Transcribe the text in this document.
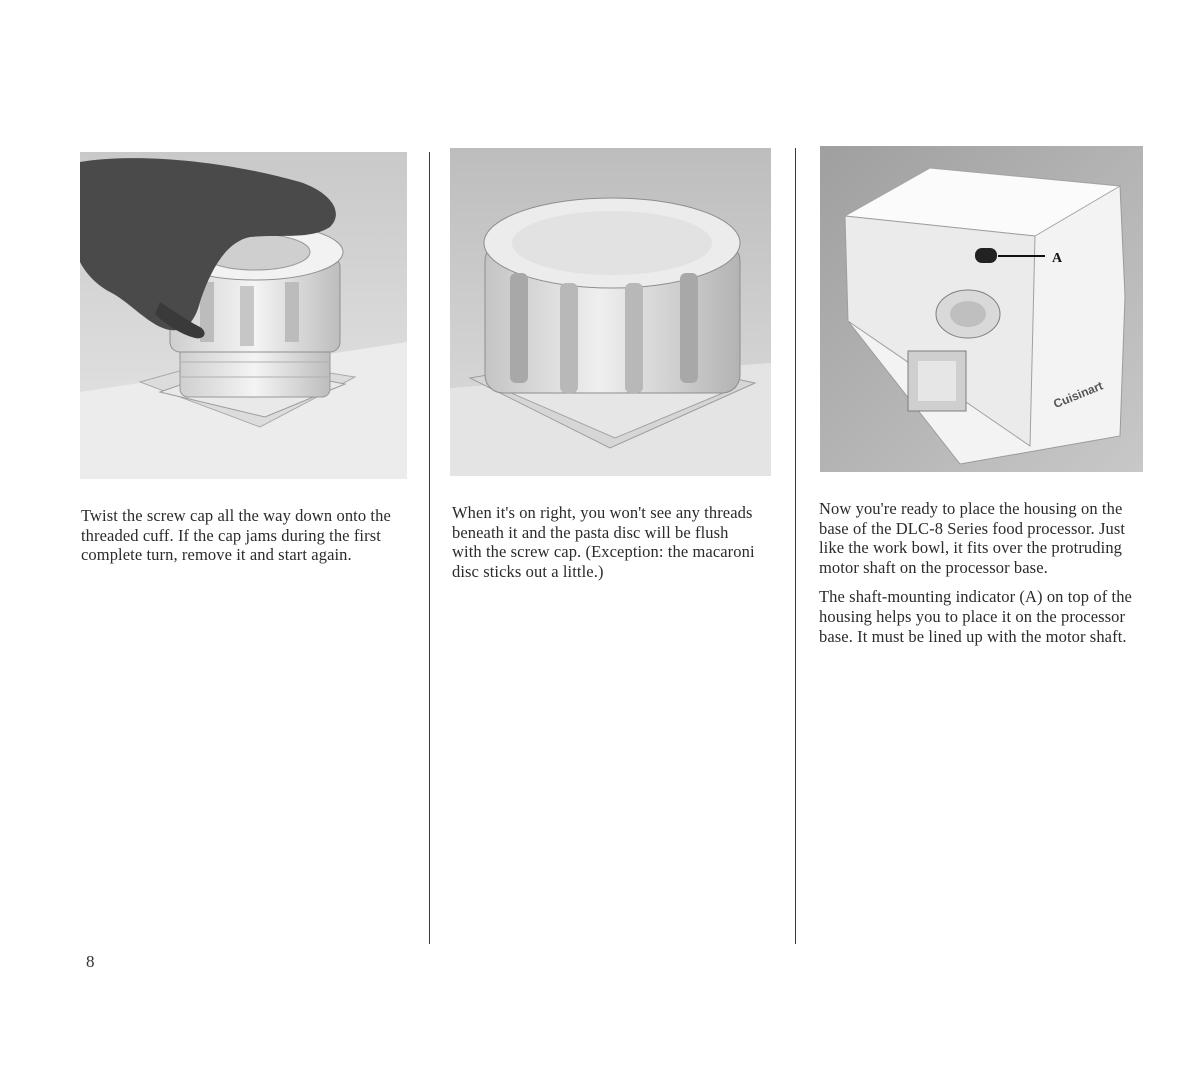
A
Cuisinart

Twist the screw cap all the way down onto the threaded cuff. If the cap jams during the first complete turn, remove it and start again.

When it's on right, you won't see any threads beneath it and the pasta disc will be flush with the screw cap. (Exception: the macaroni disc sticks out a little.)

Now you're ready to place the housing on the base of the DLC-8 Series food processor. Just like the work bowl, it fits over the protruding motor shaft on the processor base.

The shaft-mounting indicator (A) on top of the housing helps you to place it on the processor base. It must be lined up with the motor shaft.

8
